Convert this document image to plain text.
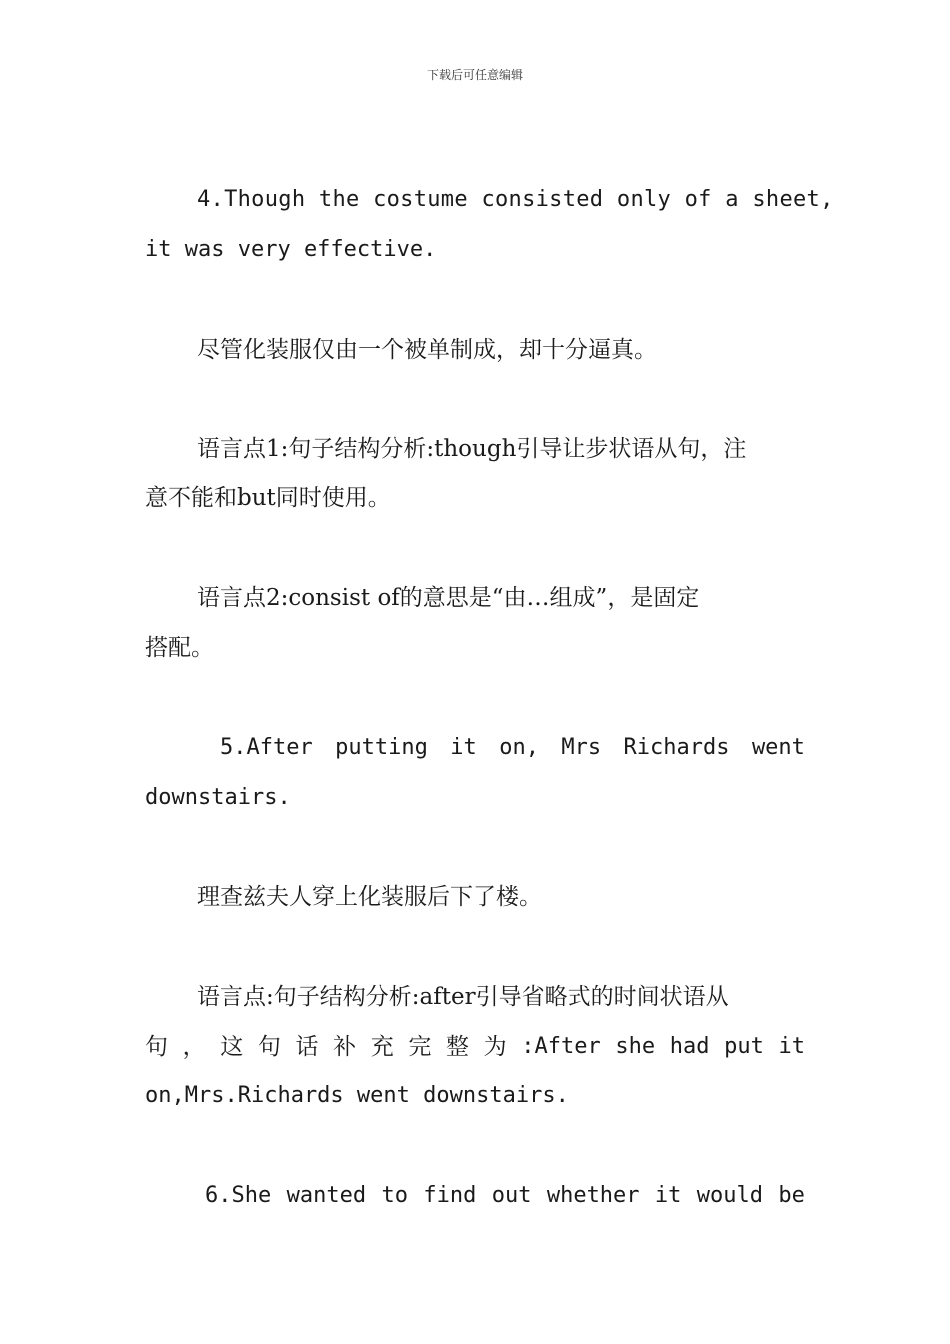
下载后可任意编辑
4.Though the costume consisted only of a sheet,
it was very effective.
尽管化装服仅由一个被单制成，却十分逼真。
语言点1:句子结构分析:though引导让步状语从句，注
意不能和but同时使用。
语言点2:consist of的意思是“由…组成”，是固定
搭配。
5.After putting it on, Mrs Richards went
downstairs.
理查兹夫人穿上化装服后下了楼。
语言点:句子结构分析:after引导省略式的时间状语从
句 ， 这 句 话 补 充 完 整 为 :After she had put it
on,Mrs.Richards went downstairs.
6.She wanted to find out whether it would be
